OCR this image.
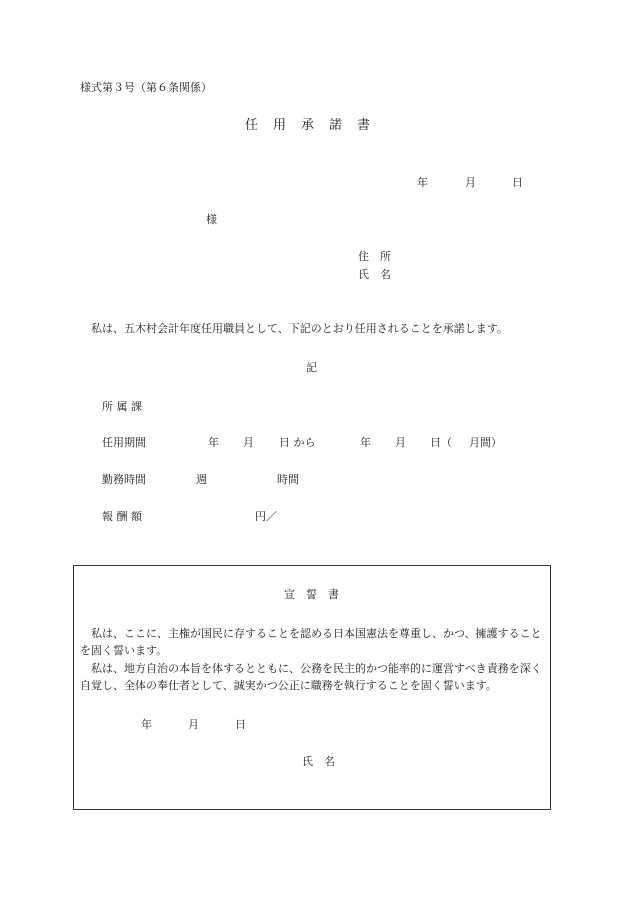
様式第３号（第６条関係）
任 用 承 諾 書
年	月	日
様
住　所
氏　名
私は、五木村会計年度任用職員として、下記のとおり任用されることを承諾します。
記
所 属 課
任用期間	年 月 日 から	年 月 日（ 月間）
勤務時間	週	時間
報 酬 額	円／
宣 誓 書
　私は、ここに、主権が国民に存することを認める日本国憲法を尊重し、かつ、擁護することを固く誓います。
　私は、地方自治の本旨を体するとともに、公務を民主的かつ能率的に運営すべき責務を深く自覚し、全体の奉仕者として、誠実かつ公正に職務を執行することを固く誓います。
年	月	日
氏　名
